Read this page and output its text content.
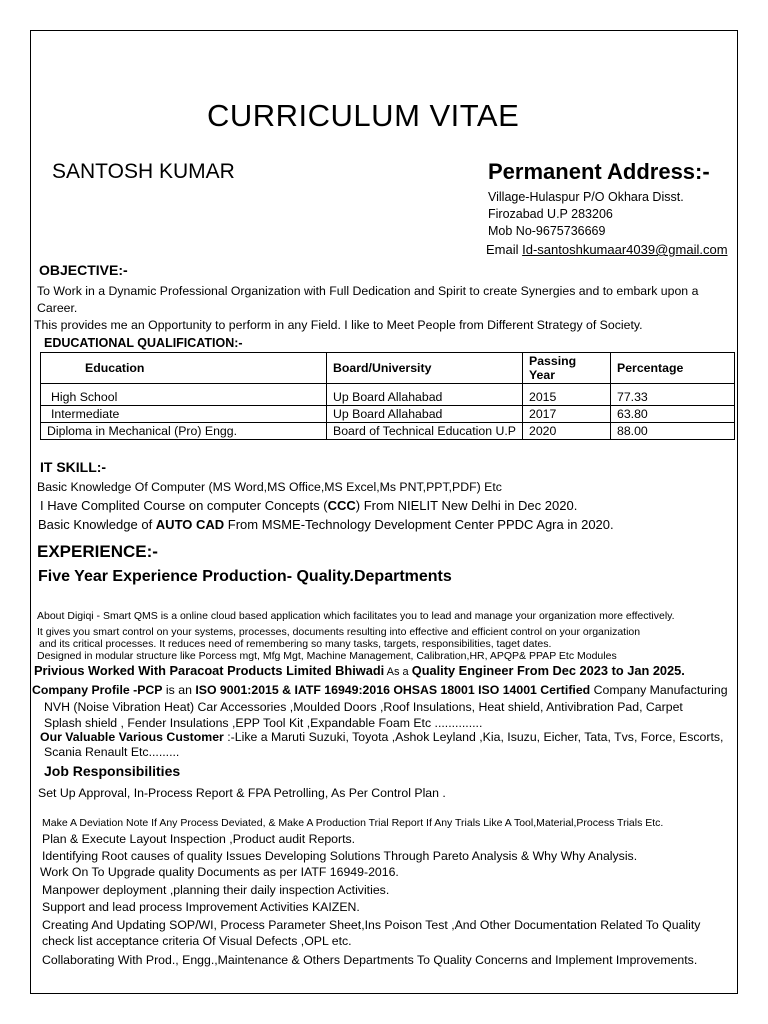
CURRICULUM VITAE
SANTOSH KUMAR	Permanent Address:-
Village-Hulaspur P/O Okhara Disst.
Firozabad U.P 283206
Mob No-9675736669
Email Id-santoshkumaar4039@gmail.com
OBJECTIVE:-
To Work in a Dynamic Professional Organization with Full Dedication and Spirit to create Synergies and to embark upon a
Career.
This provides me an Opportunity to perform in any Field. I like to Meet People from Different Strategy of Society.
EDUCATIONAL QUALIFICATION:-
Education	Board/University	Passing Year	Percentage
High School	Up Board Allahabad	2015	77.33
Intermediate	Up Board Allahabad	2017	63.80
Diploma in Mechanical (Pro) Engg.	Board of Technical Education U.P	2020	88.00
IT SKILL:-
Basic Knowledge Of Computer (MS Word,MS Office,MS Excel,Ms PNT,PPT,PDF) Etc
I Have Complited Course on computer Concepts (CCC) From NIELIT New Delhi in Dec 2020.
Basic Knowledge of AUTO CAD From MSME-Technology Development Center PPDC Agra in 2020.
EXPERIENCE:-
Five Year Experience Production- Quality.Departments
About Digiqi - Smart QMS is a online cloud based application which facilitates you to lead and manage your organization more effectively.
It gives you smart control on your systems, processes, documents resulting into effective and efficient control on your organization
and its critical processes. It reduces need of remembering so many tasks, targets, responsibilities, taget dates.
Designed in modular structure like Porcess mgt, Mfg Mgt, Machine Management, Calibration,HR, APQP& PPAP Etc Modules
Privious Worked With Paracoat Products Limited Bhiwadi As a Quality Engineer From Dec 2023 to Jan 2025.
Company Profile -PCP is an ISO 9001:2015 & IATF 16949:2016 OHSAS 18001 ISO 14001 Certified Company Manufacturing
NVH (Noise Vibration Heat) Car Accessories ,Moulded Doors ,Roof Insulations, Heat shield, Antivibration Pad, Carpet
Splash shield , Fender Insulations ,EPP Tool Kit ,Expandable Foam Etc ..............
Our Valuable Various Customer :-Like a Maruti Suzuki, Toyota ,Ashok Leyland ,Kia, Isuzu, Eicher, Tata, Tvs, Force, Escorts,
Scania Renault Etc.........
Job Responsibilities
Set Up Approval, In-Process Report & FPA Petrolling, As Per Control Plan .
Make A Deviation Note If Any Process Deviated, & Make A Production Trial Report If Any Trials Like A Tool,Material,Process Trials Etc.
Plan & Execute Layout Inspection ,Product audit Reports.
Identifying Root causes of quality Issues Developing Solutions Through Pareto Analysis & Why Why Analysis.
Work On To Upgrade quality Documents as per IATF 16949-2016.
Manpower deployment ,planning their daily inspection Activities.
Support and lead process Improvement Activities KAIZEN.
Creating And Updating SOP/WI, Process Parameter Sheet,Ins Poison Test ,And Other Documentation Related To Quality
check list acceptance criteria Of Visual Defects ,OPL etc.
Collaborating With Prod., Engg.,Maintenance & Others Departments To Quality Concerns and Implement Improvements.
